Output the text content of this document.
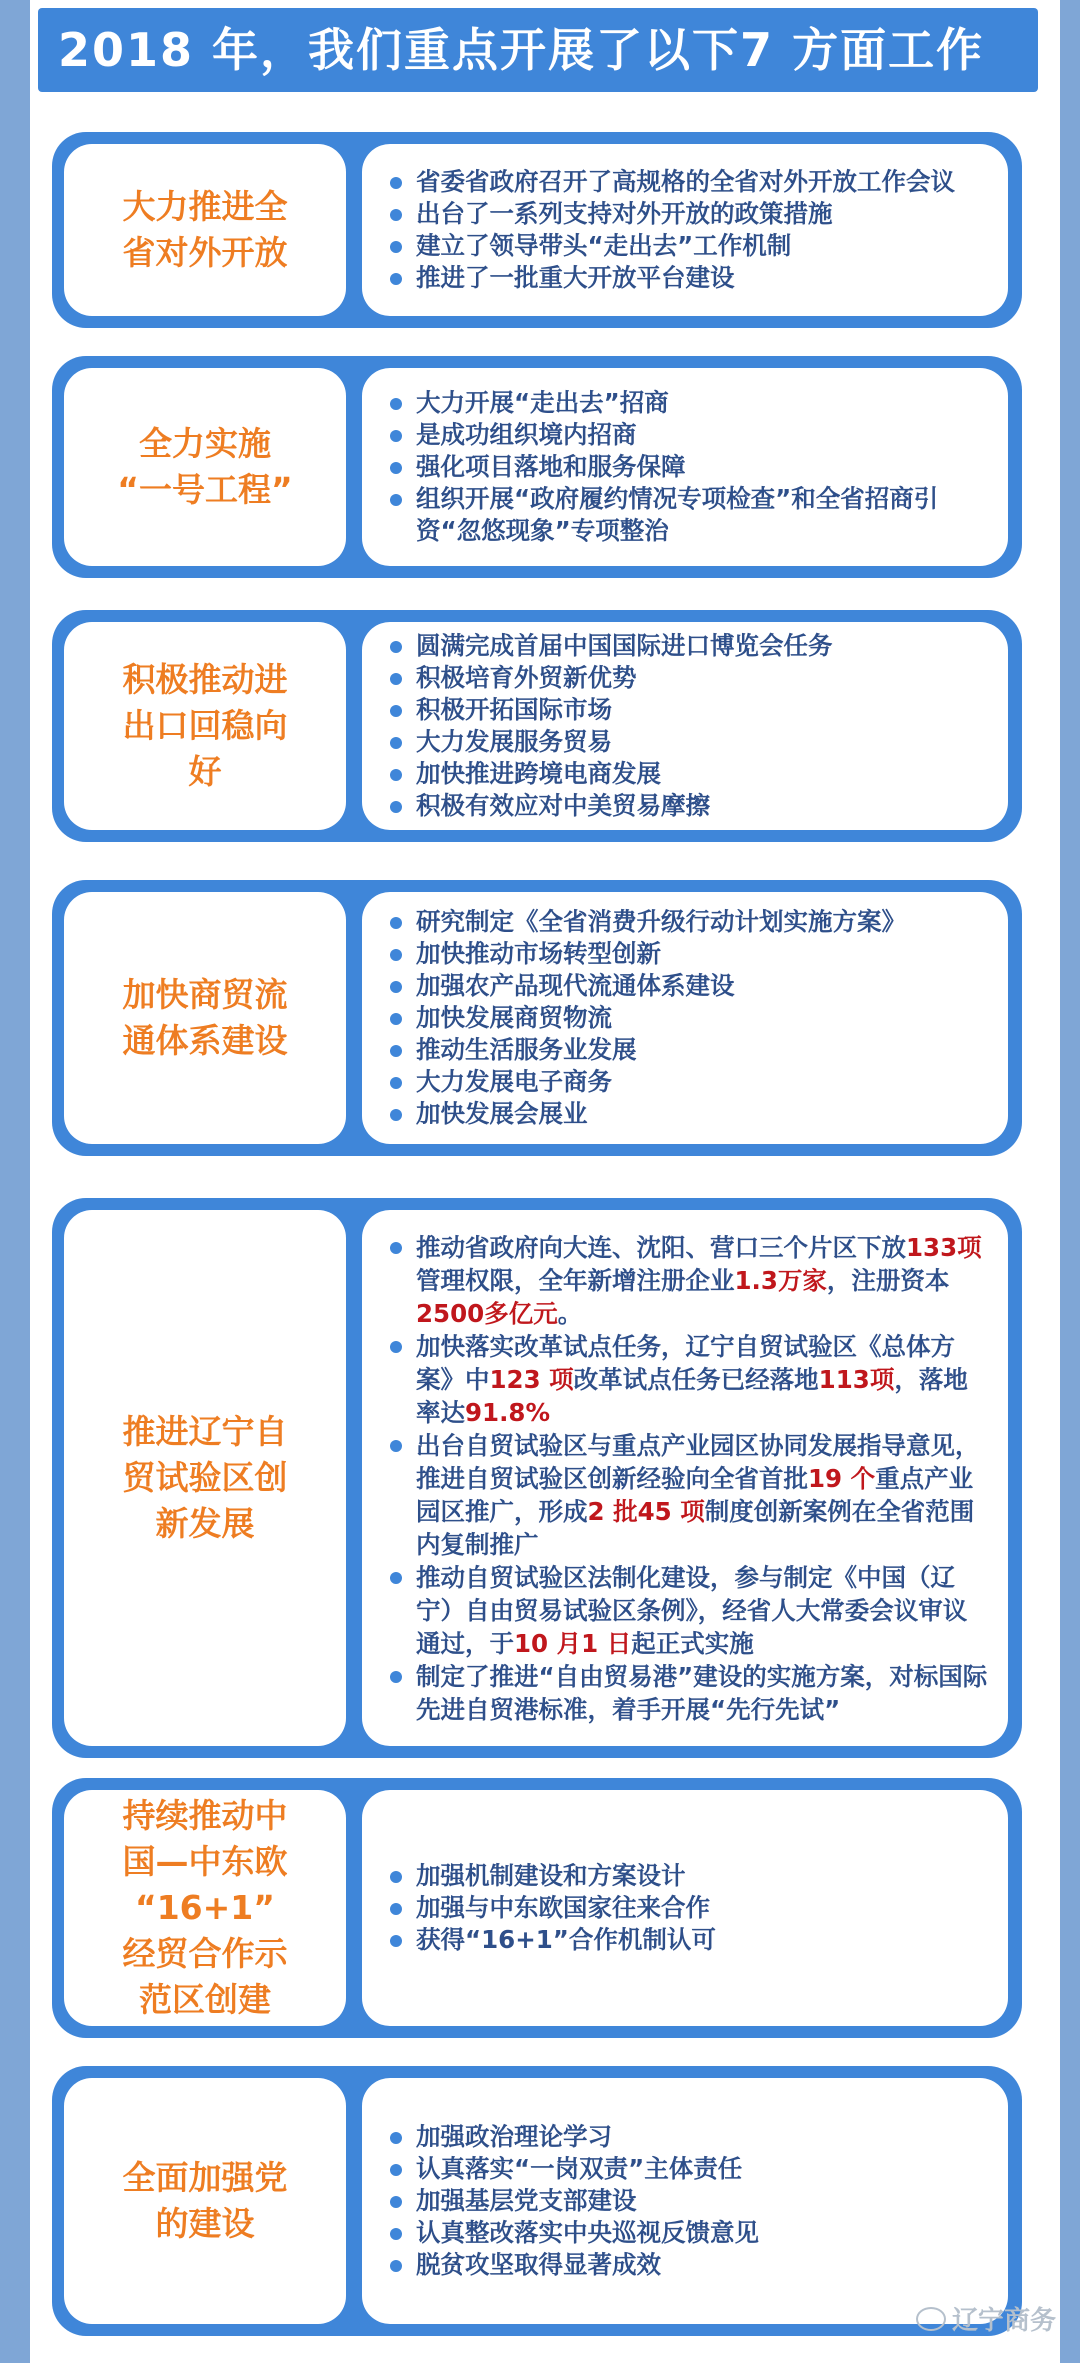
2018 年，我们重点开展了以下7 方面工作
大力推进全
省对外开放
省委省政府召开了高规格的全省对外开放工作会议
出台了一系列支持对外开放的政策措施
建立了领导带头“走出去”工作机制
推进了一批重大开放平台建设
全力实施
“一号工程”
大力开展“走出去”招商
是成功组织境内招商
强化项目落地和服务保障
组织开展“政府履约情况专项检查”和全省招商引资“忽悠现象”专项整治
积极推动进
出口回稳向
好
圆满完成首届中国国际进口博览会任务
积极培育外贸新优势
积极开拓国际市场
大力发展服务贸易
加快推进跨境电商发展
积极有效应对中美贸易摩擦
加快商贸流
通体系建设
研究制定《全省消费升级行动计划实施方案》
加快推动市场转型创新
加强农产品现代流通体系建设
加快发展商贸物流
推动生活服务业发展
大力发展电子商务
加快发展会展业
推进辽宁自
贸试验区创
新发展
推动省政府向大连、沈阳、营口三个片区下放133项管理权限，全年新增注册企业1.3万家，注册资本2500多亿元。
加快落实改革试点任务，辽宁自贸试验区《总体方案》中123 项改革试点任务已经落地113项，落地率达91.8%
出台自贸试验区与重点产业园区协同发展指导意见，推进自贸试验区创新经验向全省首批19 个重点产业园区推广，形成2 批45 项制度创新案例在全省范围内复制推广
推动自贸试验区法制化建设，参与制定《中国（辽宁）自由贸易试验区条例》，经省人大常委会议审议通过，于10 月1 日起正式实施
制定了推进“自由贸易港”建设的实施方案，对标国际先进自贸港标准，着手开展“先行先试”
持续推动中
国—中东欧
“16+1”
经贸合作示
范区创建
加强机制建设和方案设计
加强与中东欧国家往来合作
获得“16+1”合作机制认可
全面加强党
的建设
加强政治理论学习
认真落实“一岗双责”主体责任
加强基层党支部建设
认真整改落实中央巡视反馈意见
脱贫攻坚取得显著成效
辽宁商务
